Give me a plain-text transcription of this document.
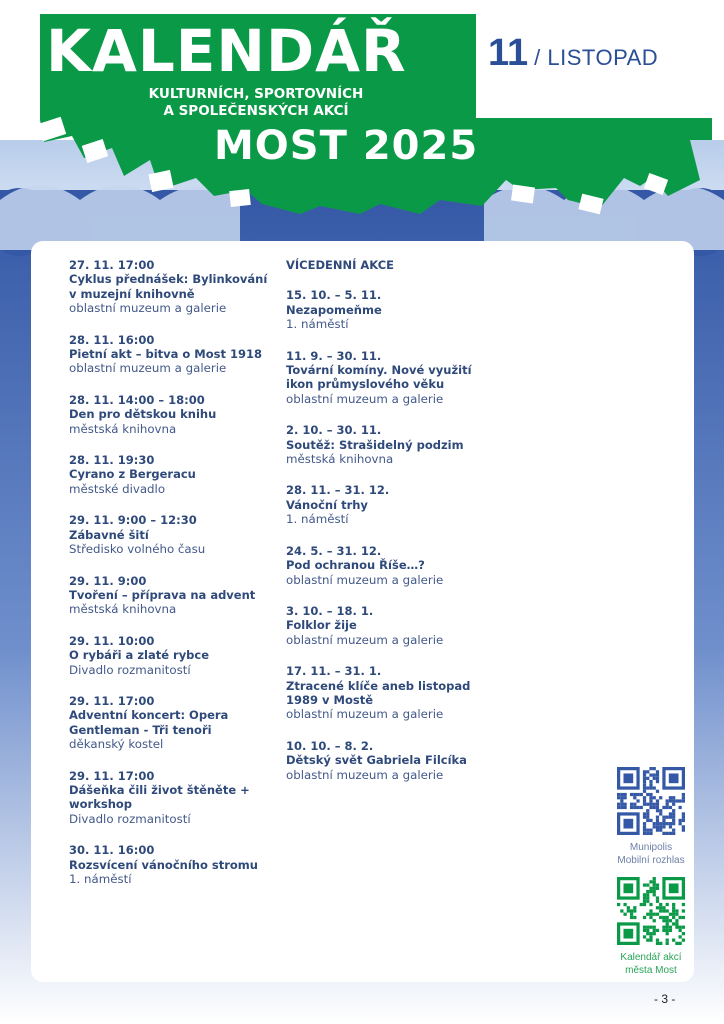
KALENDÁŘ
KULTURNÍCH, SPORTOVNÍCH
A SPOLEČENSKÝCH AKCÍ
MOST 2025
11 / LISTOPAD
27. 11. 17:00
Cyklus přednášek: Bylinkování v muzejní knihovně
oblastní muzeum a galerie
28. 11. 16:00
Pietní akt – bitva o Most 1918
oblastní muzeum a galerie
28. 11. 14:00 – 18:00
Den pro dětskou knihu
městská knihovna
28. 11. 19:30
Cyrano z Bergeracu
městské divadlo
29. 11. 9:00 – 12:30
Zábavné šití
Středisko volného času
29. 11. 9:00
Tvoření – příprava na advent
městská knihovna
29. 11. 10:00
O rybáři a zlaté rybce
Divadlo rozmanitostí
29. 11. 17:00
Adventní koncert: Opera Gentleman - Tři tenoři
děkanský kostel
29. 11. 17:00
Dášeňka čili život štěněte + workshop
Divadlo rozmanitostí
30. 11. 16:00
Rozsvícení vánočního stromu
1. náměstí
VÍCEDENNÍ AKCE
15. 10. – 5. 11.
Nezapomeňme
1. náměstí
11. 9. – 30. 11.
Tovární komíny. Nové využití ikon průmyslového věku
oblastní muzeum a galerie
2. 10. – 30. 11.
Soutěž: Strašidelný podzim
městská knihovna
28. 11. – 31. 12.
Vánoční trhy
1. náměstí
24. 5. – 31. 12.
Pod ochranou Říše…?
oblastní muzeum a galerie
3. 10. – 18. 1.
Folklor žije
oblastní muzeum a galerie
17. 11. – 31. 1.
Ztracené klíče aneb listopad 1989 v Mostě
oblastní muzeum a galerie
10. 10. – 8. 2.
Dětský svět Gabriela Filcíka
oblastní muzeum a galerie
Munipolis
Mobilní rozhlas
Kalendář akcí
města Most
- 3 -
